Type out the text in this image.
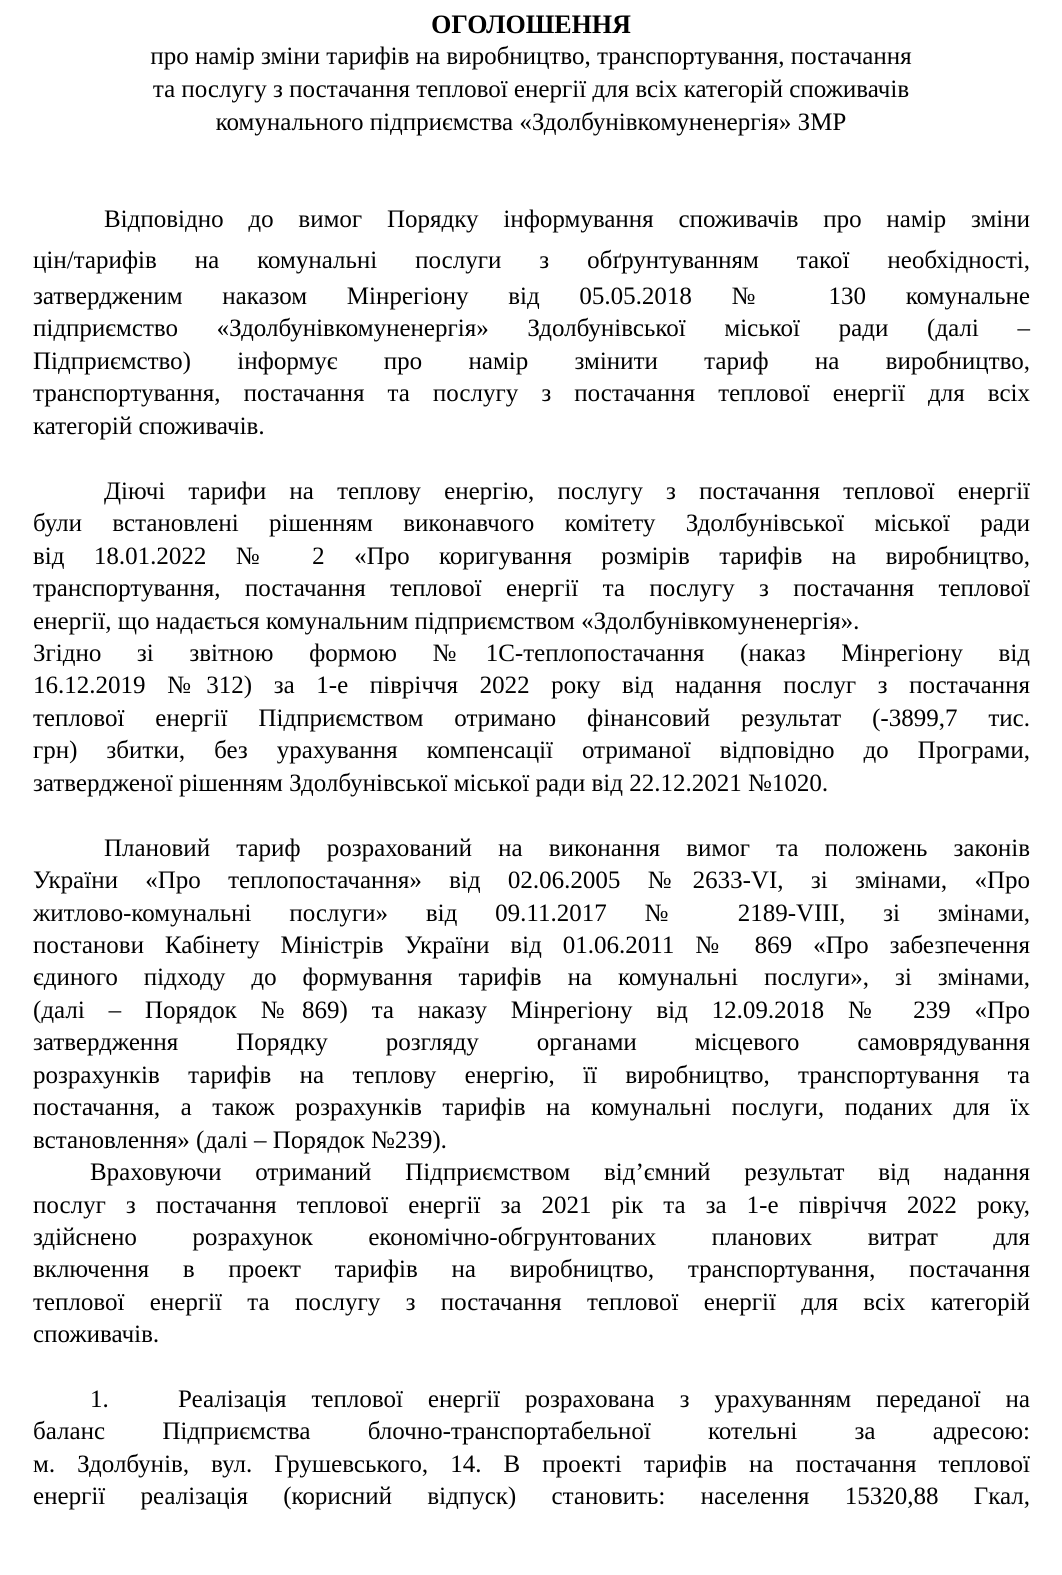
ОГОЛОШЕННЯ

про намір зміни тарифів на виробництво, транспортування, постачання

та послугу з постачання теплової енергії для всіх категорій споживачів

комунального підприємства «Здолбунівкомуненергія» ЗМР

Відповідно до вимог Порядку інформування споживачів про намір зміни

цін/тарифів на комунальні послуги з обґрунтуванням такої необхідності,

затвердженим наказом Мінрегіону від 05.05.2018 № 130 комунальне

підприємство «Здолбунівкомуненергія» Здолбунівської міської ради (далі –

Підприємство) інформує про намір змінити тариф на виробництво,

транспортування, постачання та послугу з постачання теплової енергії для всіх

категорій споживачів.

Діючі тарифи на теплову енергію, послугу з постачання теплової енергії

були встановлені рішенням виконавчого комітету Здолбунівської міської ради

від 18.01.2022 № 2 «Про коригування розмірів тарифів на виробництво,

транспортування, постачання теплової енергії та послугу з постачання теплової

енергії, що надається комунальним підприємством «Здолбунівкомуненергія».

Згідно зі звітною формою №1С-теплопостачання (наказ Мінрегіону від

16.12.2019 №312) за 1-е півріччя 2022 року від надання послуг з постачання

теплової енергії Підприємством отримано фінансовий результат (-3899,7 тис.

грн) збитки, без урахування компенсації отриманої відповідно до Програми,

затвердженої рішенням Здолбунівської міської ради від 22.12.2021 №1020.

Плановий тариф розрахований на виконання вимог та положень законів

України «Про теплопостачання» від 02.06.2005 №2633-VI, зі змінами, «Про

житлово-комунальні послуги» від 09.11.2017 № 2189-VIII, зі змінами,

постанови Кабінету Міністрів України від 01.06.2011 № 869 «Про забезпечення

єдиного підходу до формування тарифів на комунальні послуги», зі змінами,

(далі – Порядок №869) та наказу Мінрегіону від 12.09.2018 № 239 «Про

затвердження Порядку розгляду органами місцевого самоврядування

розрахунків тарифів на теплову енергію, її виробництво, транспортування та

постачання, а також розрахунків тарифів на комунальні послуги, поданих для їх

встановлення» (далі – Порядок №239).

Враховуючи отриманий Підприємством від’ємний результат від надання

послуг з постачання теплової енергії за 2021 рік та за 1-е півріччя 2022 року,

здійснено розрахунок економічно-обгрунтованих планових витрат для

включення в проект тарифів на виробництво, транспортування, постачання

теплової енергії та послугу з постачання теплової енергії для всіх категорій

споживачів.

1.	Реалізація теплової енергії розрахована з урахуванням переданої на

баланс Підприємства блочно-транспортабельної котельні за адресою:

м. Здолбунів, вул. Грушевського, 14. В проекті тарифів на постачання теплової

енергії реалізація (корисний відпуск) становить: населення 15320,88 Гкал,
